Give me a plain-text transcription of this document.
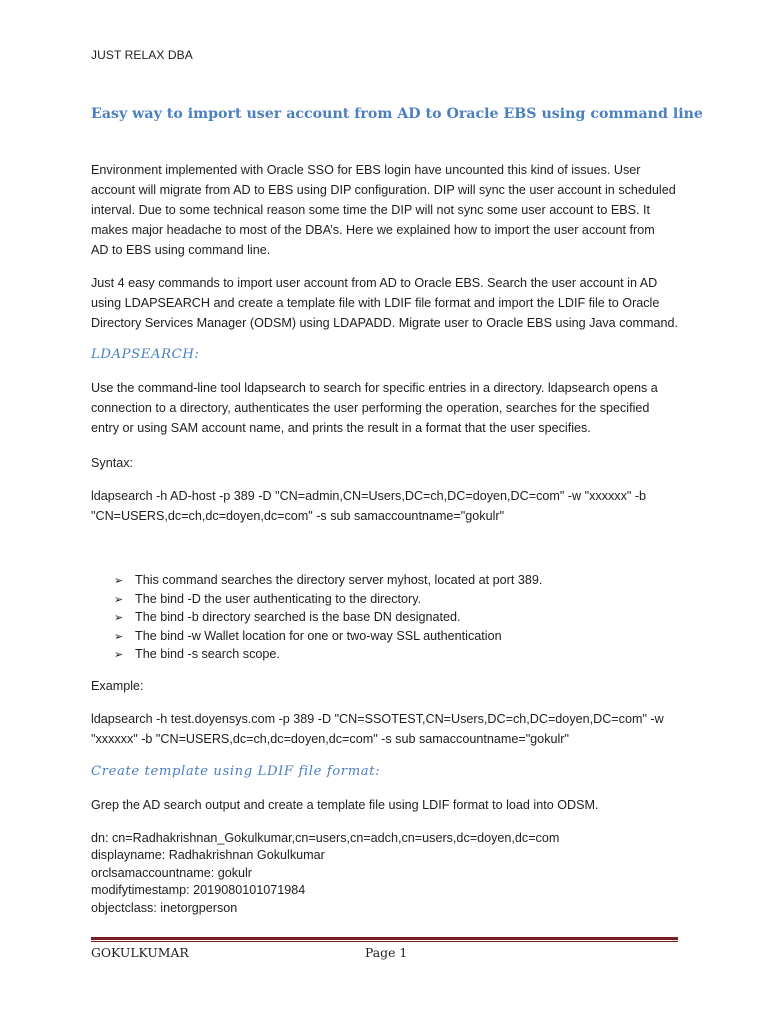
JUST RELAX DBA
Easy way to import user account from AD to Oracle EBS using command line
Environment implemented with Oracle SSO for EBS login have uncounted this kind of issues. User
account will migrate from AD to EBS using DIP configuration. DIP will sync the user account in scheduled
interval. Due to some technical reason some time the DIP will not sync some user account to EBS. It
makes major headache to most of the DBA’s. Here we explained how to import the user account from
AD to EBS using command line.
Just 4 easy commands to import user account from AD to Oracle EBS. Search the user account in AD
using LDAPSEARCH and create a template file with LDIF file format and import the LDIF file to Oracle
Directory Services Manager (ODSM) using LDAPADD. Migrate user to Oracle EBS using Java command.
LDAPSEARCH:
Use the command-line tool ldapsearch to search for specific entries in a directory. ldapsearch opens a
connection to a directory, authenticates the user performing the operation, searches for the specified
entry or using SAM account name, and prints the result in a format that the user specifies.
Syntax:
ldapsearch -h AD-host -p 389 -D "CN=admin,CN=Users,DC=ch,DC=doyen,DC=com" -w "xxxxxx" -b
"CN=USERS,dc=ch,dc=doyen,dc=com" -s sub samaccountname="gokulr"
➢ This command searches the directory server myhost, located at port 389.
➢ The bind -D the user authenticating to the directory.
➢ The bind -b directory searched is the base DN designated.
➢ The bind -w Wallet location for one or two-way SSL authentication
➢ The bind -s search scope.
Example:
ldapsearch -h test.doyensys.com -p 389 -D "CN=SSOTEST,CN=Users,DC=ch,DC=doyen,DC=com" -w
"xxxxxx" -b "CN=USERS,dc=ch,dc=doyen,dc=com" -s sub samaccountname="gokulr"
Create template using LDIF file format:
Grep the AD search output and create a template file using LDIF format to load into ODSM.
dn: cn=Radhakrishnan_Gokulkumar,cn=users,cn=adch,cn=users,dc=doyen,dc=com
displayname: Radhakrishnan Gokulkumar
orclsamaccountname: gokulr
modifytimestamp: 2019080101071984
objectclass: inetorgperson
GOKULKUMAR	Page 1
